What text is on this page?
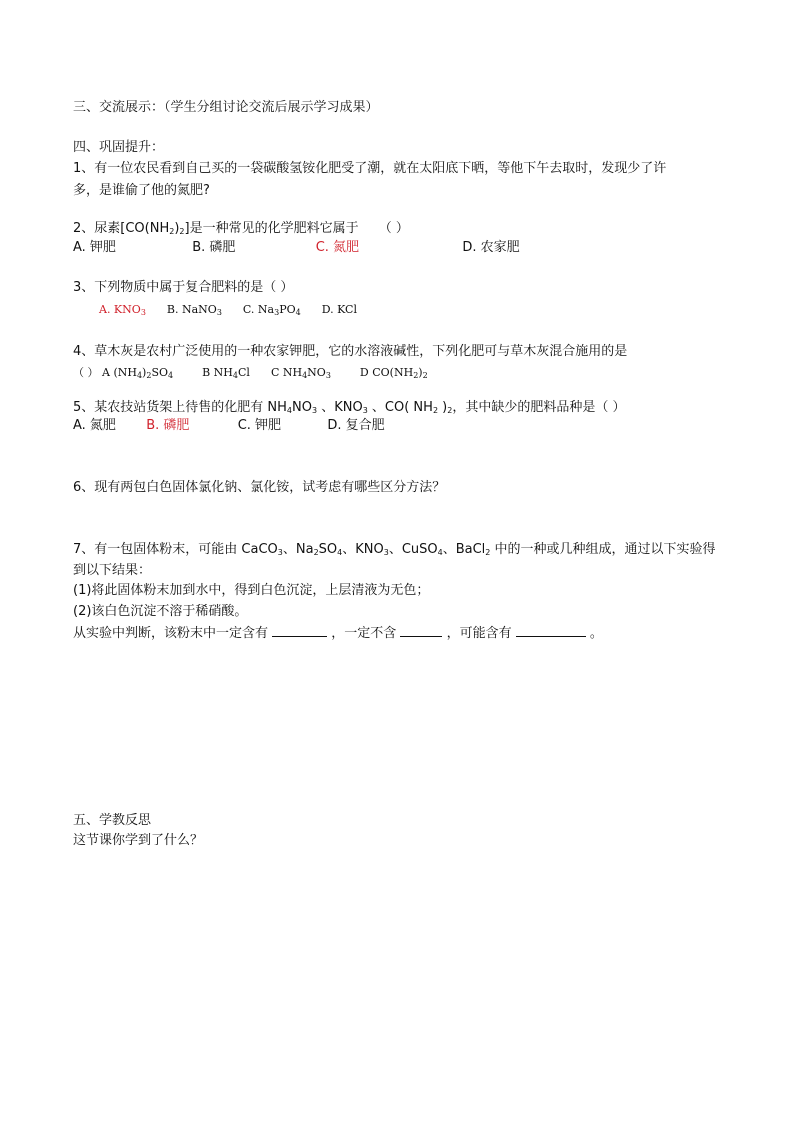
三、交流展示：（学生分组讨论交流后展示学习成果）
四、巩固提升：
1、有一位农民看到自己买的一袋碳酸氢铵化肥受了潮，就在太阳底下晒，等他下午去取时，发现少了许
多，是谁偷了他的氮肥?
2、尿素$[CO(NH_2)_2]$是一种常见的化学肥料它属于 （ ）
A. 钾肥	B. 磷肥	C. 氮肥	D. 农家肥
3、下列物质中属于复合肥料的是（ ）
A. $KNO_3$ B. NaNO$_3$ C. $Na_3PO_4$ D. KCl
4、草木灰是农村广泛使用的一种农家钾肥，它的水溶液碱性，下列化肥可与草木灰混合施用的是
（ ） A $(NH_4)_2SO_4$	B $NH_4Cl$ C $NH_4NO_3$	D $CO(NH_2)_2$
5、某农技站货架上待售的化肥有 $NH_4NO_3$ 、$KNO_3$ 、CO( $NH_2$ )$_2$，其中缺少的肥料品种是（ ）
A. 氮肥 B. 磷肥	C. 钾肥	D. 复合肥
6、现有两包白色固体氯化钠、氯化铵，试考虑有哪些区分方法？
7、有一包固体粉末，可能由 CaCO$_3$、$Na_2SO_4$、$KNO_3$、CuSO$_4$、BaCl$_2$ 中的一种或几种组成，通过以下实验得
到以下结果：
(1)将此固体粉末加到水中，得到白色沉淀，上层清液为无色；
(2)该白色沉淀不溶于稀硝酸。
从实验中判断，该粉末中一定含有	，一定不含	，可能含有	。
五、学教反思
这节课你学到了什么？
